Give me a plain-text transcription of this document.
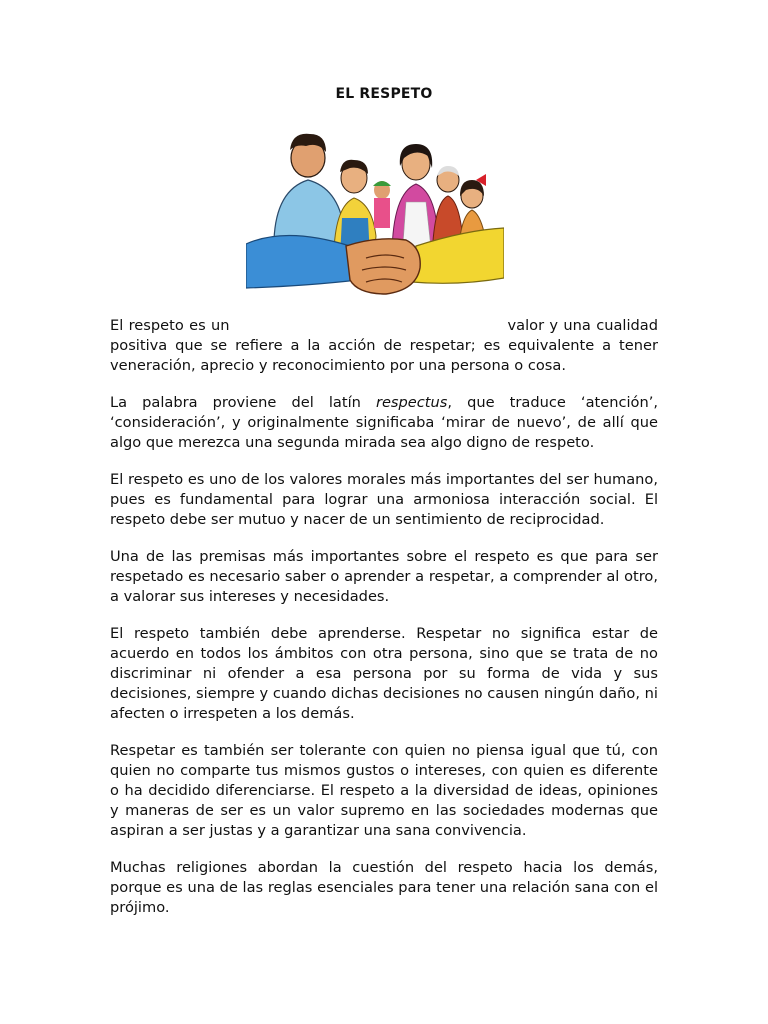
EL RESPETO

El respeto es un	valor y una cualidad positiva que se refiere a la acción de respetar; es equivalente a tener veneración, aprecio y reconocimiento por una persona o cosa.

La palabra proviene del latín respectus, que traduce ‘atención’, ‘consideración’, y originalmente significaba ‘mirar de nuevo’, de allí que algo que merezca una segunda mirada sea algo digno de respeto.

El respeto es uno de los valores morales más importantes del ser humano, pues es fundamental para lograr una armoniosa interacción social. El respeto debe ser mutuo y nacer de un sentimiento de reciprocidad.

Una de las premisas más importantes sobre el respeto es que para ser respetado es necesario saber o aprender a respetar, a comprender al otro, a valorar sus intereses y necesidades.

El respeto también debe aprenderse. Respetar no significa estar de acuerdo en todos los ámbitos con otra persona, sino que se trata de no discriminar ni ofender a esa persona por su forma de vida y sus decisiones, siempre y cuando dichas decisiones no causen ningún daño, ni afecten o irrespeten a los demás.

Respetar es también ser tolerante con quien no piensa igual que tú, con quien no comparte tus mismos gustos o intereses, con quien es diferente o ha decidido diferenciarse. El respeto a la diversidad de ideas, opiniones y maneras de ser es un valor supremo en las sociedades modernas que aspiran a ser justas y a garantizar una sana convivencia.

Muchas religiones abordan la cuestión del respeto hacia los demás, porque es una de las reglas esenciales para tener una relación sana con el prójimo.
